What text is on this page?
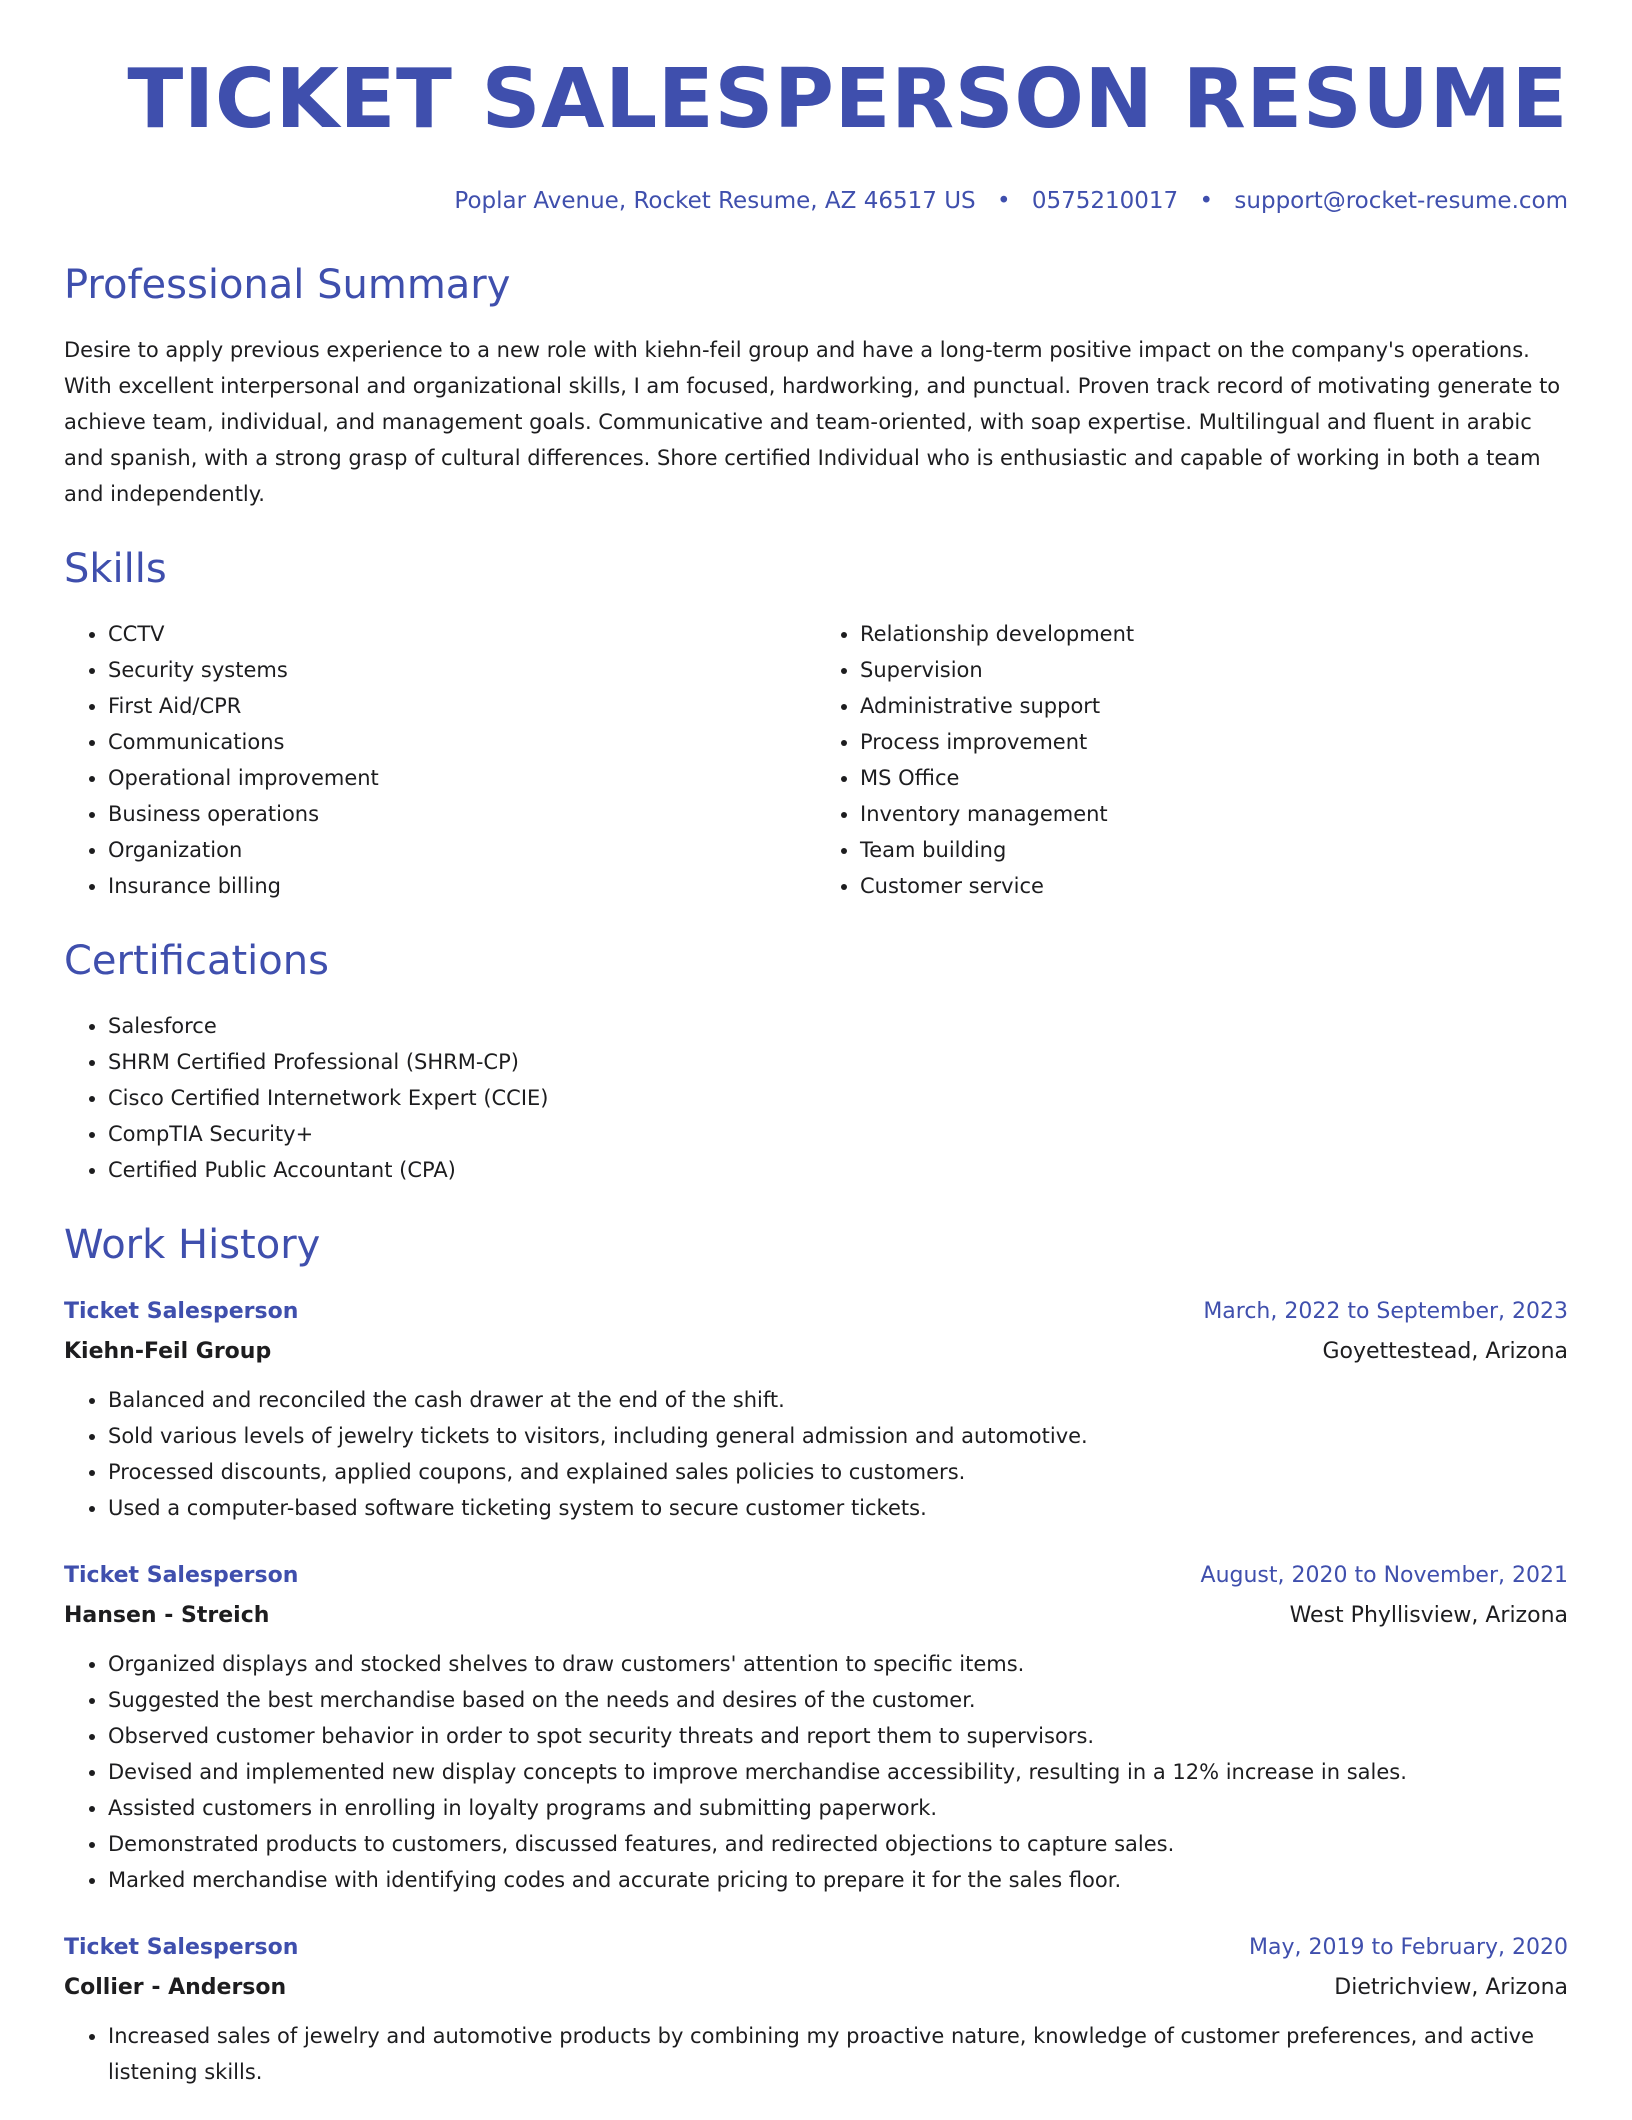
TICKET SALESPERSON RESUME
Poplar Avenue, Rocket Resume, AZ 46517 US • 0575210017 • support@rocket-resume.com
Professional Summary

Desire to apply previous experience to a new role with kiehn-feil group and have a long-term positive impact on the company's operations. With excellent interpersonal and organizational skills, I am focused, hardworking, and punctual. Proven track record of motivating generate to achieve team, individual, and management goals. Communicative and team-oriented, with soap expertise. Multilingual and fluent in arabic and spanish, with a strong grasp of cultural differences. Shore certified Individual who is enthusiastic and capable of working in both a team and independently.

Skills
• CCTV
• Security systems
• First Aid/CPR
• Communications
• Operational improvement
• Business operations
• Organization
• Insurance billing
• Relationship development
• Supervision
• Administrative support
• Process improvement
• MS Office
• Inventory management
• Team building
• Customer service
Certifications
• Salesforce
• SHRM Certified Professional (SHRM-CP)
• Cisco Certified Internetwork Expert (CCIE)
• CompTIA Security+
• Certified Public Accountant (CPA)
Work History
Ticket Salesperson	March, 2022 to September, 2023
Kiehn-Feil Group	Goyettestead, Arizona
• Balanced and reconciled the cash drawer at the end of the shift.
• Sold various levels of jewelry tickets to visitors, including general admission and automotive.
• Processed discounts, applied coupons, and explained sales policies to customers.
• Used a computer-based software ticketing system to secure customer tickets.
Ticket Salesperson	August, 2020 to November, 2021
Hansen - Streich	West Phyllisview, Arizona
• Organized displays and stocked shelves to draw customers' attention to specific items.
• Suggested the best merchandise based on the needs and desires of the customer.
• Observed customer behavior in order to spot security threats and report them to supervisors.
• Devised and implemented new display concepts to improve merchandise accessibility, resulting in a 12% increase in sales.
• Assisted customers in enrolling in loyalty programs and submitting paperwork.
• Demonstrated products to customers, discussed features, and redirected objections to capture sales.
• Marked merchandise with identifying codes and accurate pricing to prepare it for the sales floor.
Ticket Salesperson	May, 2019 to February, 2020
Collier - Anderson	Dietrichview, Arizona
• Increased sales of jewelry and automotive products by combining my proactive nature, knowledge of customer preferences, and active listening skills.
